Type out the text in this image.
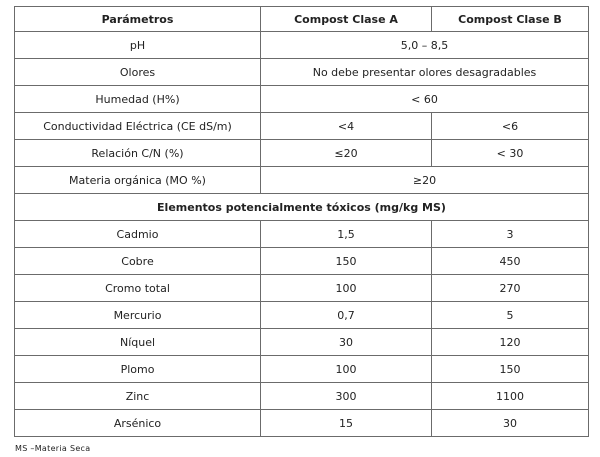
Parámetros	Compost Clase A	Compost Clase B
pH	5,0 – 8,5	
Olores	No debe presentar olores desagradables	
Humedad (H%)	< 60	
Conductividad Eléctrica (CE dS/m)	<4	<6
Relación C/N (%)	≤20	< 30
Materia orgánica (MO %)	≥20	
Elementos potencialmente tóxicos (mg/kg MS)		
Cadmio	1,5	3
Cobre	150	450
Cromo total	100	270
Mercurio	0,7	5
Níquel	30	120
Plomo	100	150
Zinc	300	1100
Arsénico	15	30
MS –Materia Seca
